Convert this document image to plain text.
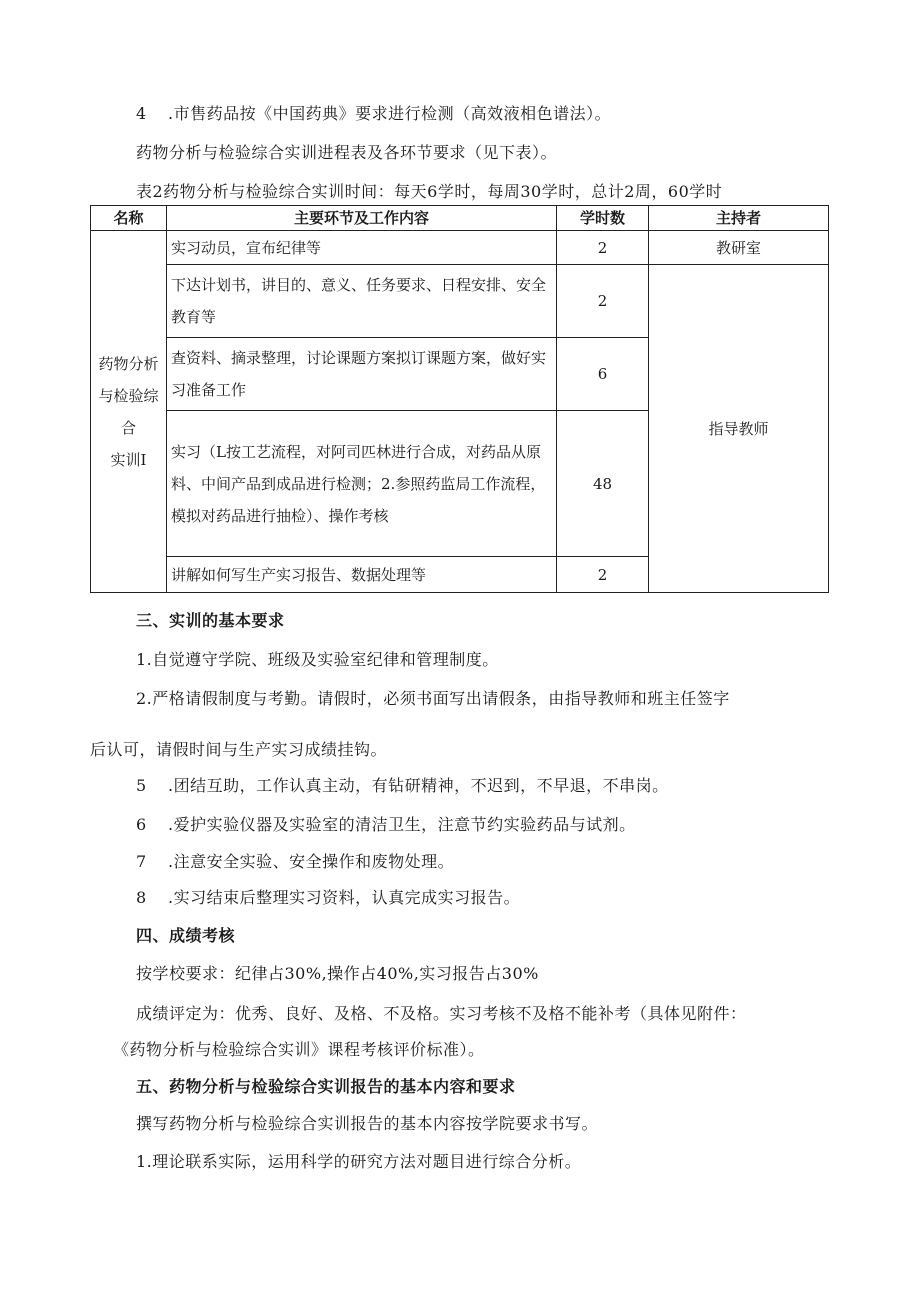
4 .市售药品按《中国药典》要求进行检测（高效液相色谱法）。
药物分析与检验综合实训进程表及各环节要求（见下表）。
表2药物分析与检验综合实训时间：每天6学时，每周30学时，总计2周，60学时
名称	主要环节及工作内容	学时数	主持者

药物分析
与检验综
合
实训Ⅰ	实习动员，宣布纪律等	2	教研室
	下达计划书，讲目的、意义、任务要求、日程安排、安全教育等	2	指导教师
	查资料、摘录整理，讨论课题方案拟订课题方案，做好实习准备工作	6	
	实习（L按工艺流程，对阿司匹林进行合成，对药品从原料、中间产品到成品进行检测；2.参照药监局工作流程，模拟对药品进行抽检）、操作考核	48	
	讲解如何写生产实习报告、数据处理等	2	
三、实训的基本要求
1.自觉遵守学院、班级及实验室纪律和管理制度。
2.严格请假制度与考勤。请假时，必须书面写出请假条，由指导教师和班主任签字
后认可，请假时间与生产实习成绩挂钩。
5 .团结互助，工作认真主动，有钻研精神，不迟到，不早退，不串岗。
6 .爱护实验仪器及实验室的清洁卫生，注意节约实验药品与试剂。
7 .注意安全实验、安全操作和废物处理。
8 .实习结束后整理实习资料，认真完成实习报告。
四、成绩考核
按学校要求：纪律占30%,操作占40%,实习报告占30%
成绩评定为：优秀、良好、及格、不及格。实习考核不及格不能补考（具体见附件：
《药物分析与检验综合实训》课程考核评价标准）。
五、药物分析与检验综合实训报告的基本内容和要求
撰写药物分析与检验综合实训报告的基本内容按学院要求书写。
1.理论联系实际，运用科学的研究方法对题目进行综合分析。
